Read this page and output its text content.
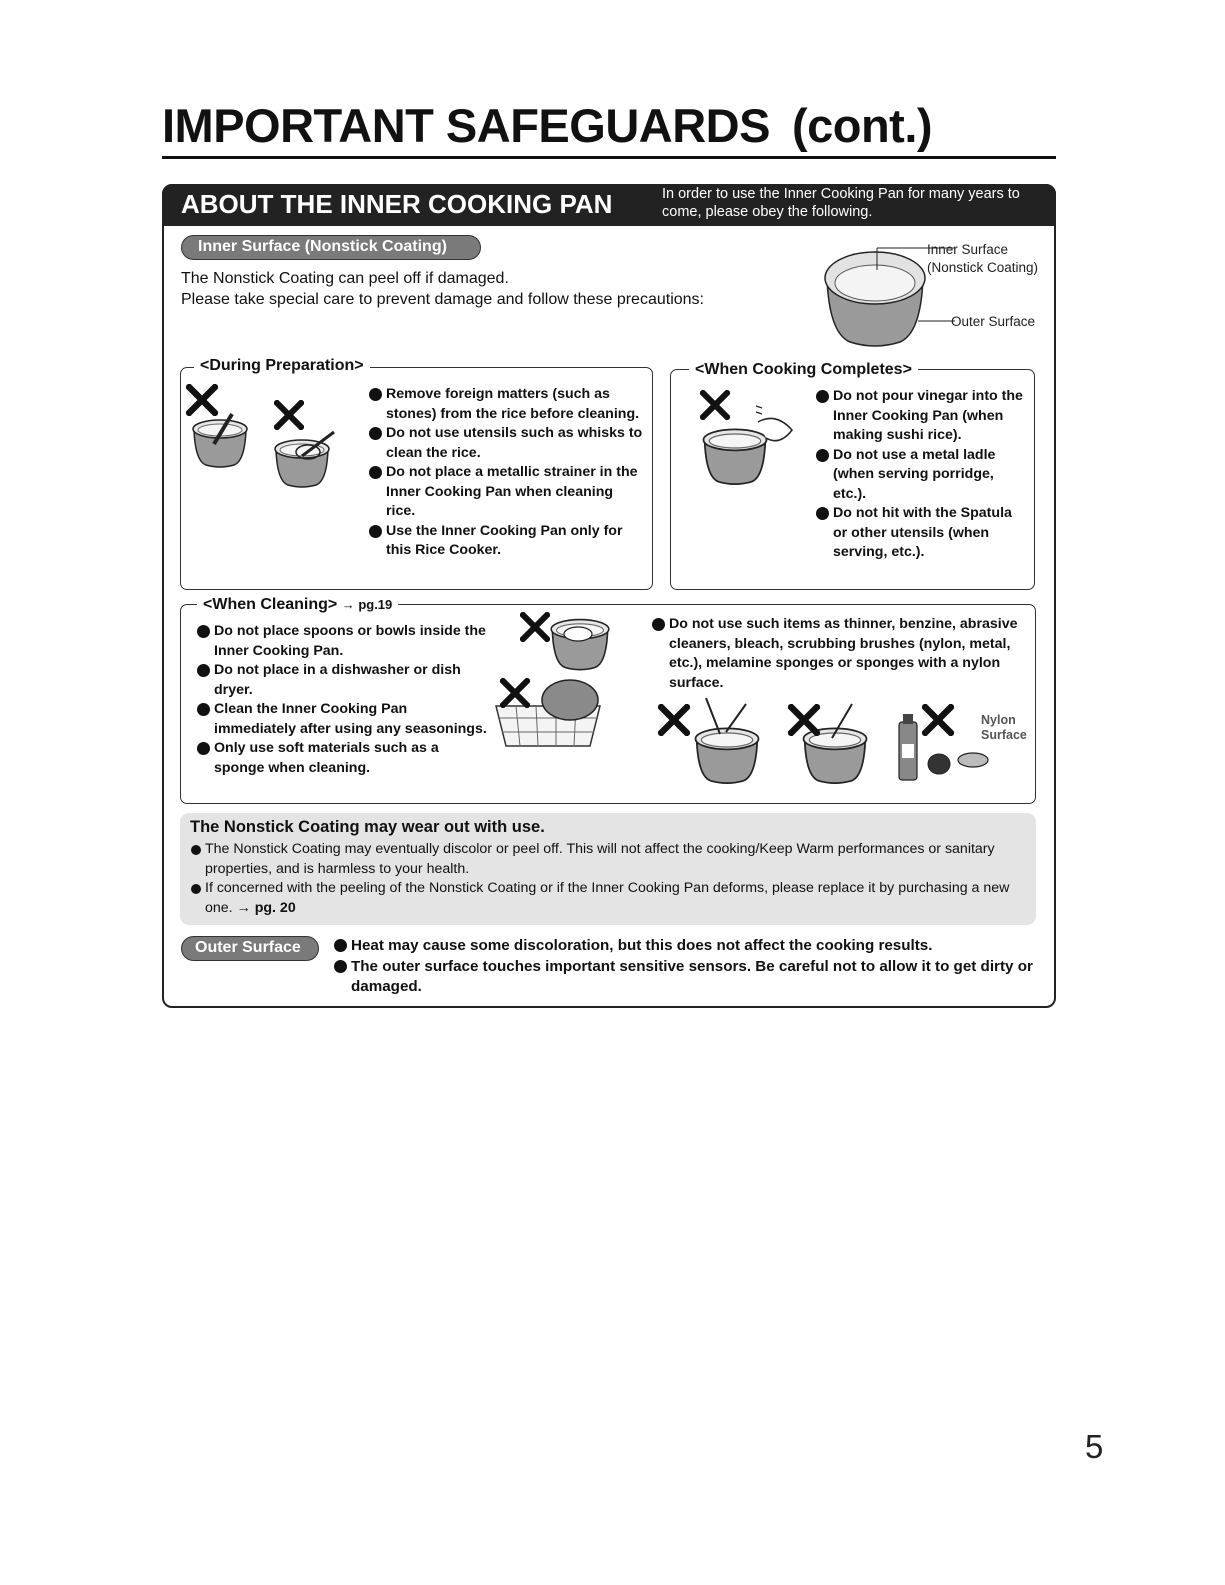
IMPORTANT SAFEGUARDS (cont.)
ABOUT THE INNER COOKING PAN	In order to use the Inner Cooking Pan for many years to come, please obey the following.
Inner Surface (Nonstick Coating)
The Nonstick Coating can peel off if damaged.
Please take special care to prevent damage and follow these precautions:
Inner Surface
(Nonstick Coating)
Outer Surface
<During Preparation>
Remove foreign matters (such as stones) from the rice before cleaning.
Do not use utensils such as whisks to clean the rice.
Do not place a metallic strainer in the Inner Cooking Pan when cleaning rice.
Use the Inner Cooking Pan only for this Rice Cooker.
<When Cooking Completes>
Do not pour vinegar into the Inner Cooking Pan (when making sushi rice).
Do not use a metal ladle (when serving porridge, etc.).
Do not hit with the Spatula or other utensils (when serving, etc.).
<When Cleaning> → pg.19
Do not place spoons or bowls inside the Inner Cooking Pan.
Do not place in a dishwasher or dish dryer.
Clean the Inner Cooking Pan immediately after using any seasonings.
Only use soft materials such as a sponge when cleaning.
Do not use such items as thinner, benzine, abrasive cleaners, bleach, scrubbing brushes (nylon, metal, etc.), melamine sponges or sponges with a nylon surface.
Nylon
Surface
The Nonstick Coating may wear out with use.
The Nonstick Coating may eventually discolor or peel off. This will not affect the cooking/Keep Warm performances or sanitary properties, and is harmless to your health.
If concerned with the peeling of the Nonstick Coating or if the Inner Cooking Pan deforms, please replace it by purchasing a new one. → pg. 20
Outer Surface	Heat may cause some discoloration, but this does not affect the cooking results.
The outer surface touches important sensitive sensors. Be careful not to allow it to get dirty or damaged.
5
